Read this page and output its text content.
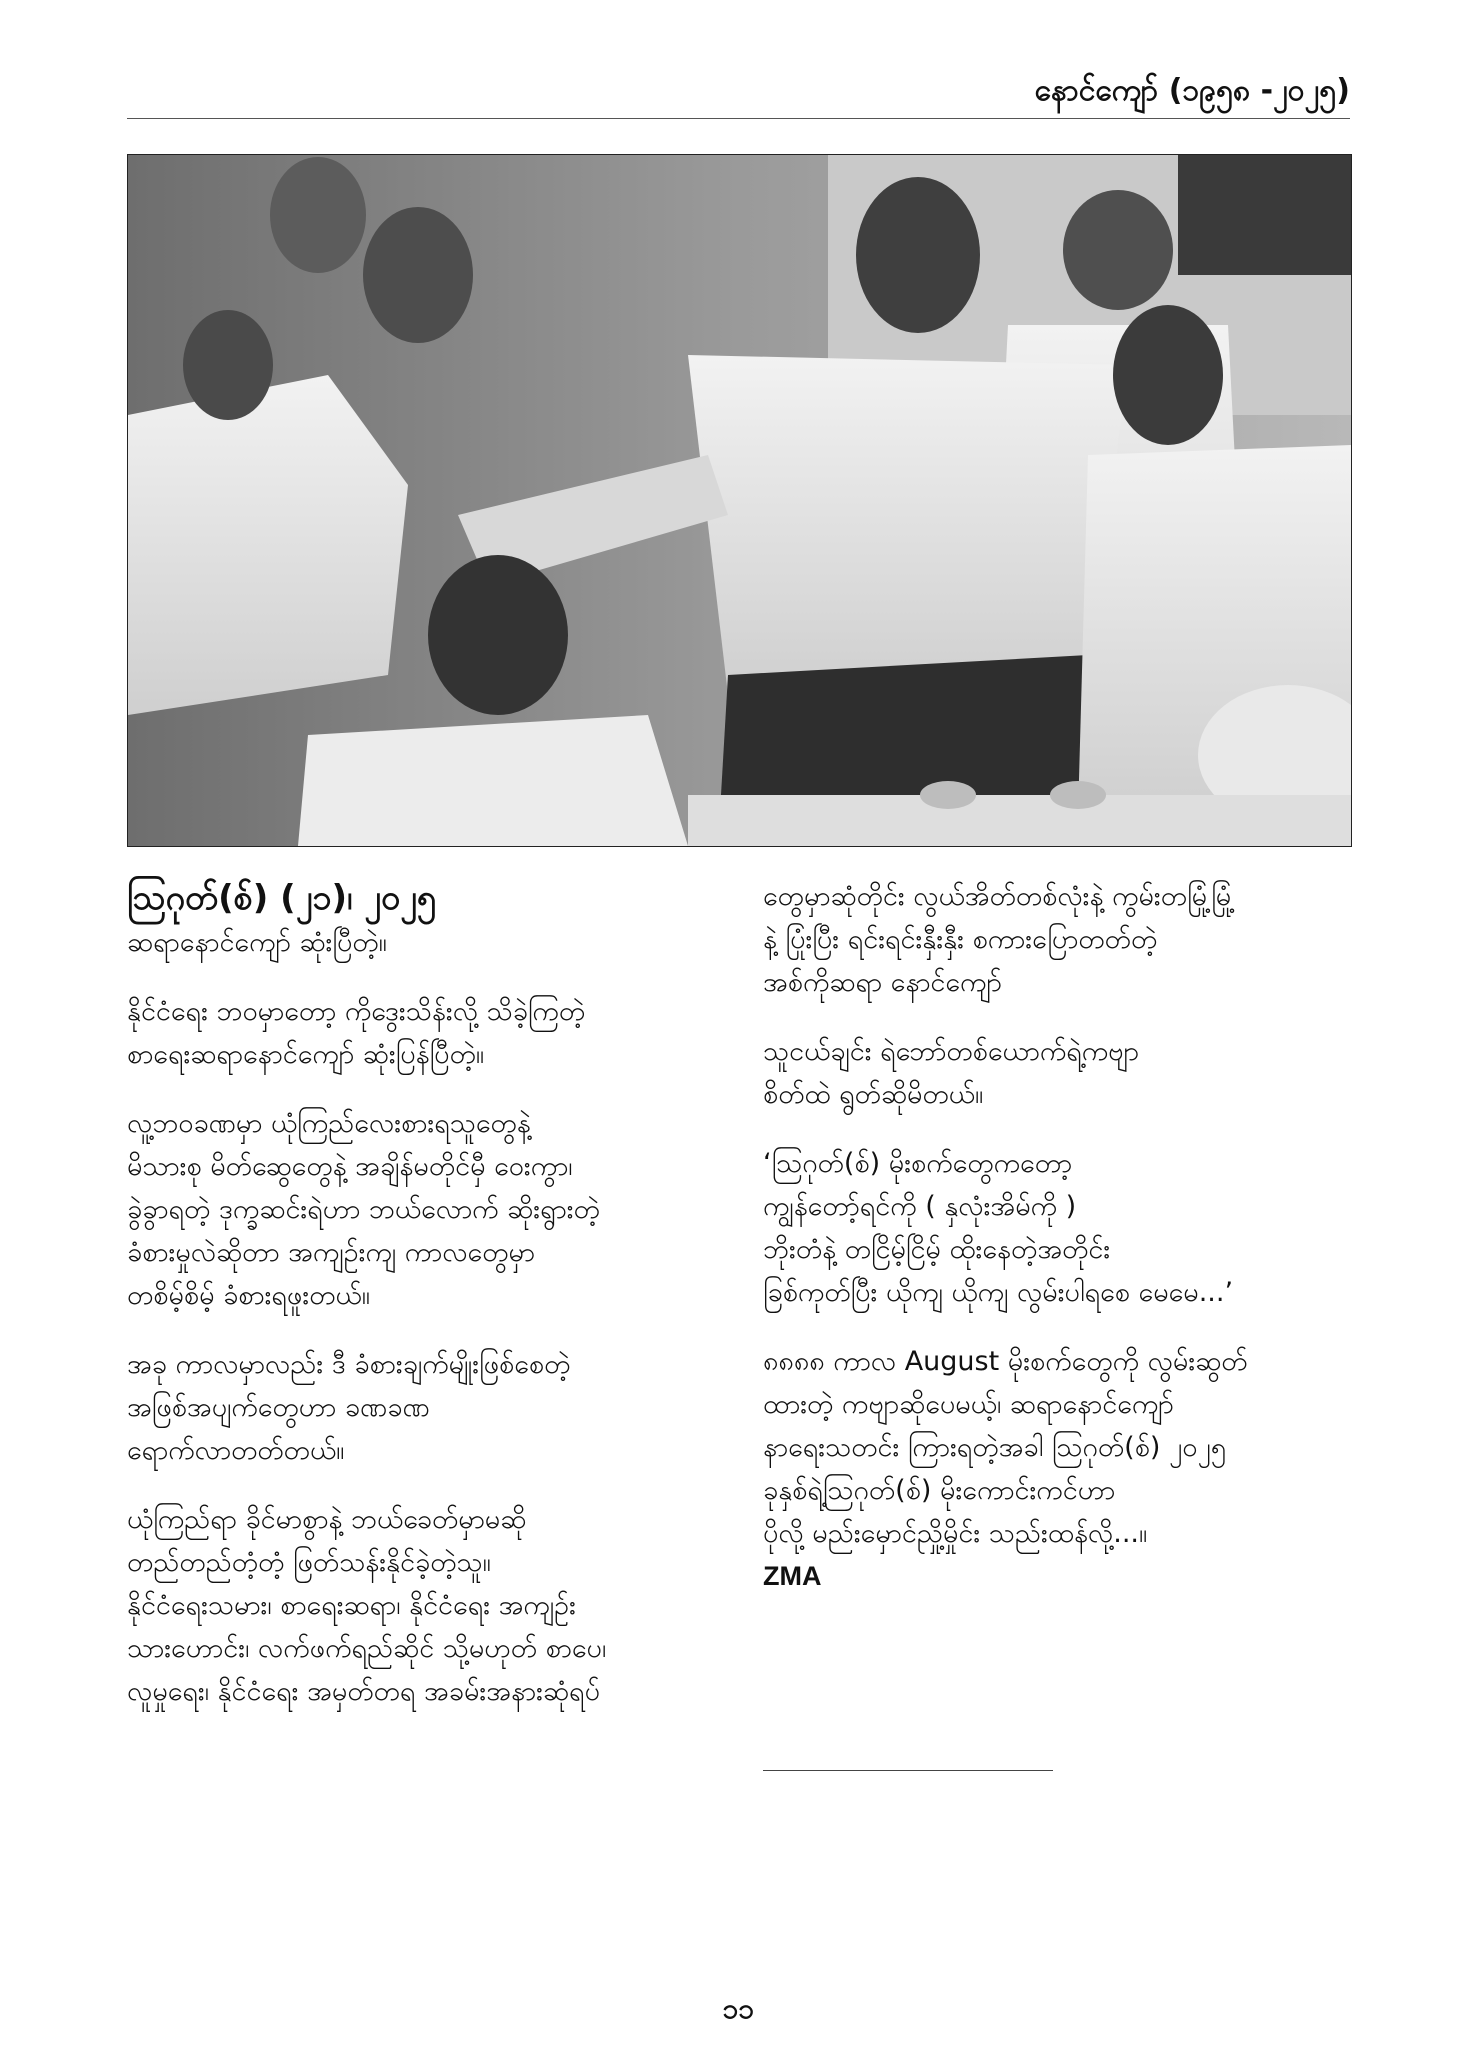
နောင်ကျော် (၁၉၅၈ -၂၀၂၅)

ဩဂုတ်(စ်) (၂၁)၊ ၂၀၂၅
ဆရာနောင်ကျော် ဆုံးပြီတဲ့။

နိုင်ငံရေး ဘဝမှာတော့ ကိုဒွေးသိန်းလို့ သိခဲ့ကြတဲ့
စာရေးဆရာနောင်ကျော် ဆုံးပြန်ပြီတဲ့။

လူ့ဘဝခဏမှာ ယုံကြည်လေးစားရသူတွေနဲ့
မိသားစု မိတ်ဆွေတွေနဲ့ အချိန်မတိုင်မှီ ဝေးကွာ၊
ခွဲခွာရတဲ့ ဒုက္ခဆင်းရဲဟာ ဘယ်လောက် ဆိုးရွားတဲ့
ခံစားမှုလဲဆိုတာ အကျဉ်းကျ ကာလတွေမှာ
တစိမ့်စိမ့် ခံစားရဖူးတယ်။

အခု ကာလမှာလည်း ဒီ ခံစားချက်မျိုးဖြစ်စေတဲ့
အဖြစ်အပျက်တွေဟာ ခဏခဏ
ရောက်လာတတ်တယ်။

ယုံကြည်ရာ ခိုင်မာစွာနဲ့ ဘယ်ခေတ်မှာမဆို
တည်တည်တံ့တံ့ ဖြတ်သန်းနိုင်ခဲ့တဲ့သူ။
နိုင်ငံရေးသမား၊ စာရေးဆရာ၊ နိုင်ငံရေး အကျဉ်း
သားဟောင်း၊ လက်ဖက်ရည်ဆိုင် သို့မဟုတ် စာပေ၊
လူမှုရေး၊ နိုင်ငံရေး အမှတ်တရ အခမ်းအနားဆုံရပ်

တွေမှာဆုံတိုင်း လွယ်အိတ်တစ်လုံးနဲ့ ကွမ်းတမြုံ့မြုံ့
နဲ့ ပြုံးပြီး ရင်းရင်းနှီးနှီး စကားပြောတတ်တဲ့
အစ်ကိုဆရာ နောင်ကျော်

သူငယ်ချင်း ရဲဘော်တစ်ယောက်ရဲ့ကဗျာ
စိတ်ထဲ ရွတ်ဆိုမိတယ်။

‘ဩဂုတ်(စ်) မိုးစက်တွေကတော့
ကျွန်တော့်ရင်ကို ( နှလုံးအိမ်ကို )
ဘိုးတံနဲ့ တငြိမ့်ငြိမ့် ထိုးနေတဲ့အတိုင်း
ခြစ်ကုတ်ပြီး ယိုကျ ယိုကျ လွမ်းပါရစေ မေမေ...’

၈၈၈၈ ကာလ August မိုးစက်တွေကို လွမ်းဆွတ်
ထားတဲ့ ကဗျာဆိုပေမယ့်၊ ဆရာနောင်ကျော်
နာရေးသတင်း ကြားရတဲ့အခါ ဩဂုတ်(စ်) ၂၀၂၅
ခုနှစ်ရဲ့ဩဂုတ်(စ်) မိုးကောင်းကင်ဟာ
ပိုလို့ မည်းမှောင်ညှို့မှိုင်း သည်းထန်လို့...။
ZMA

၁၁
